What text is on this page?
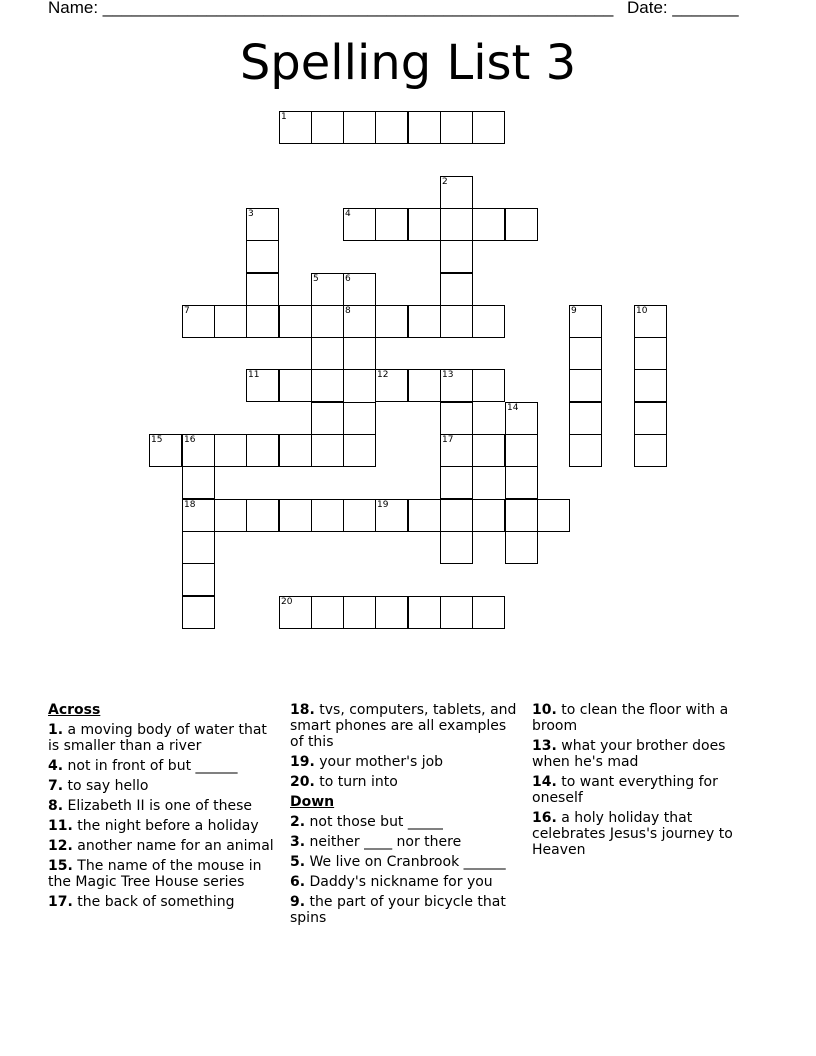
Name: ______________________________________________________ Date: _______
Spelling List 3
1
2
3	4
5	6
7	8	9	10
11	12	13
14
15 16	17
18	19
20
Across
1. a moving body of water that is smaller than a river
4. not in front of but ______
7. to say hello
8. Elizabeth II is one of these
11. the night before a holiday
12. another name for an animal
15. The name of the mouse in the Magic Tree House series
17. the back of something
18. tvs, computers, tablets, and smart phones are all examples of this
19. your mother's job
20. to turn into
Down
2. not those but _____
3. neither ____ nor there
5. We live on Cranbrook ______
6. Daddy's nickname for you
9. the part of your bicycle that spins
10. to clean the floor with a broom
13. what your brother does when he's mad
14. to want everything for oneself
16. a holy holiday that celebrates Jesus's journey to Heaven
